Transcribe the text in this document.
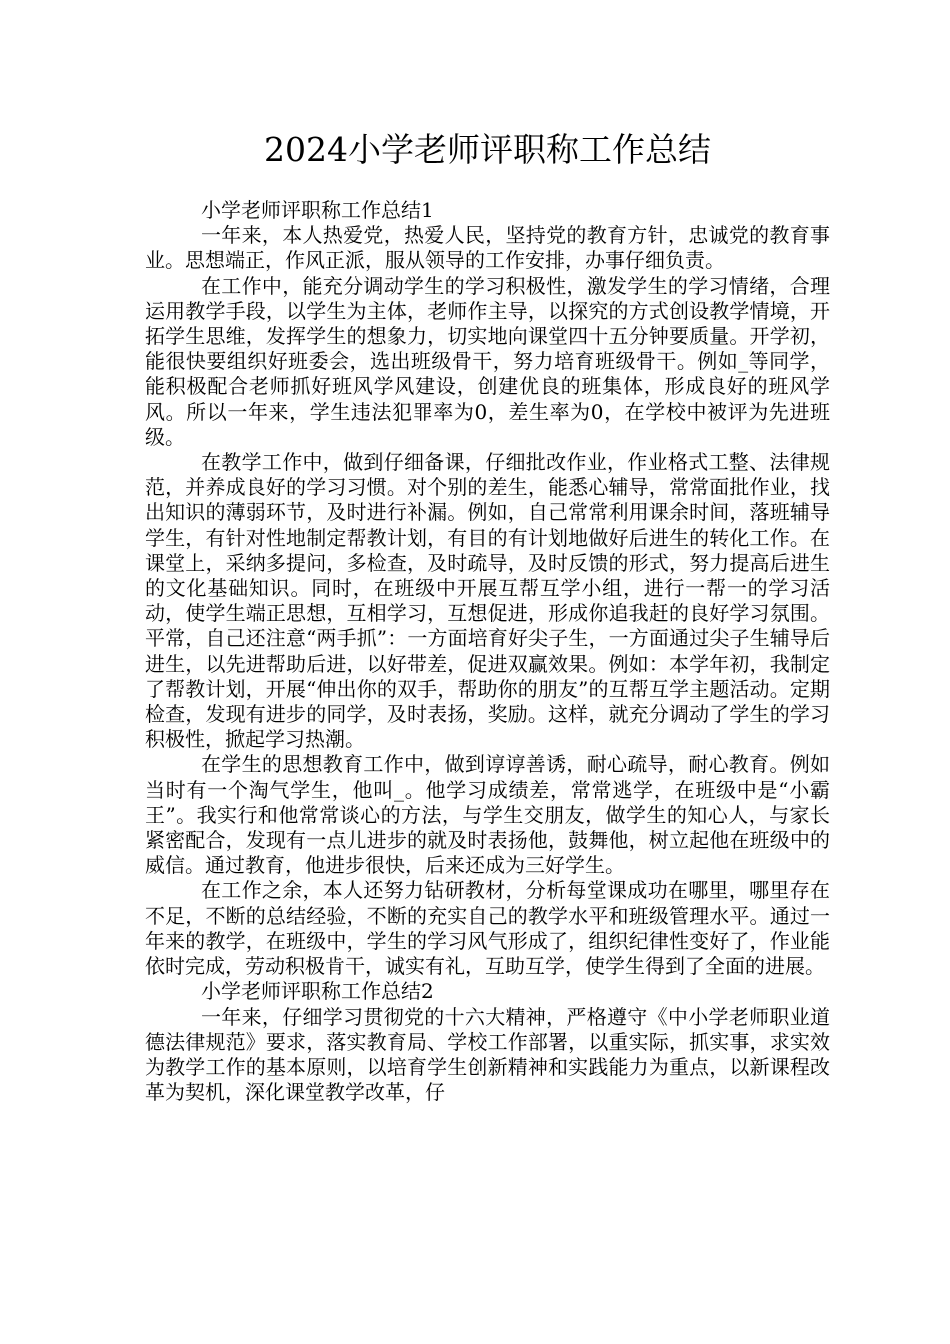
2024小学老师评职称工作总结

小学老师评职称工作总结1

一年来，本人热爱党，热爱人民，坚持党的教育方针，忠诚党的教育事业。思想端正，作风正派，服从领导的工作安排，办事仔细负责。

在工作中，能充分调动学生的学习积极性，激发学生的学习情绪，合理运用教学手段，以学生为主体，老师作主导，以探究的方式创设教学情境，开拓学生思维，发挥学生的想象力，切实地向课堂四十五分钟要质量。开学初，能很快要组织好班委会，选出班级骨干，努力培育班级骨干。例如_等同学，能积极配合老师抓好班风学风建设，创建优良的班集体，形成良好的班风学风。所以一年来，学生违法犯罪率为0，差生率为0，在学校中被评为先进班级。

在教学工作中，做到仔细备课，仔细批改作业，作业格式工整、法律规范，并养成良好的学习习惯。对个别的差生，能悉心辅导，常常面批作业，找出知识的薄弱环节，及时进行补漏。例如，自己常常利用课余时间，落班辅导学生，有针对性地制定帮教计划，有目的有计划地做好后进生的转化工作。在课堂上，采纳多提问，多检查，及时疏导，及时反馈的形式，努力提高后进生的文化基础知识。同时，在班级中开展互帮互学小组，进行一帮一的学习活动，使学生端正思想，互相学习，互想促进，形成你追我赶的良好学习氛围。平常，自己还注意“两手抓”：一方面培育好尖子生，一方面通过尖子生辅导后进生，以先进帮助后进，以好带差，促进双赢效果。例如：本学年初，我制定了帮教计划，开展“伸出你的双手，帮助你的朋友”的互帮互学主题活动。定期检查，发现有进步的同学，及时表扬，奖励。这样，就充分调动了学生的学习积极性，掀起学习热潮。

在学生的思想教育工作中，做到谆谆善诱，耐心疏导，耐心教育。例如当时有一个淘气学生，他叫_。他学习成绩差，常常逃学，在班级中是“小霸王”。我实行和他常常谈心的方法，与学生交朋友，做学生的知心人，与家长紧密配合，发现有一点儿进步的就及时表扬他，鼓舞他，树立起他在班级中的威信。通过教育，他进步很快，后来还成为三好学生。

在工作之余，本人还努力钻研教材，分析每堂课成功在哪里，哪里存在不足，不断的总结经验，不断的充实自己的教学水平和班级管理水平。通过一年来的教学，在班级中，学生的学习风气形成了，组织纪律性变好了，作业能依时完成，劳动积极肯干，诚实有礼，互助互学，使学生得到了全面的进展。

小学老师评职称工作总结2

一年来，仔细学习贯彻党的十六大精神，严格遵守《中小学老师职业道德法律规范》要求，落实教育局、学校工作部署，以重实际，抓实事，求实效为教学工作的基本原则，以培育学生创新精神和实践能力为重点，以新课程改革为契机，深化课堂教学改革，仔
